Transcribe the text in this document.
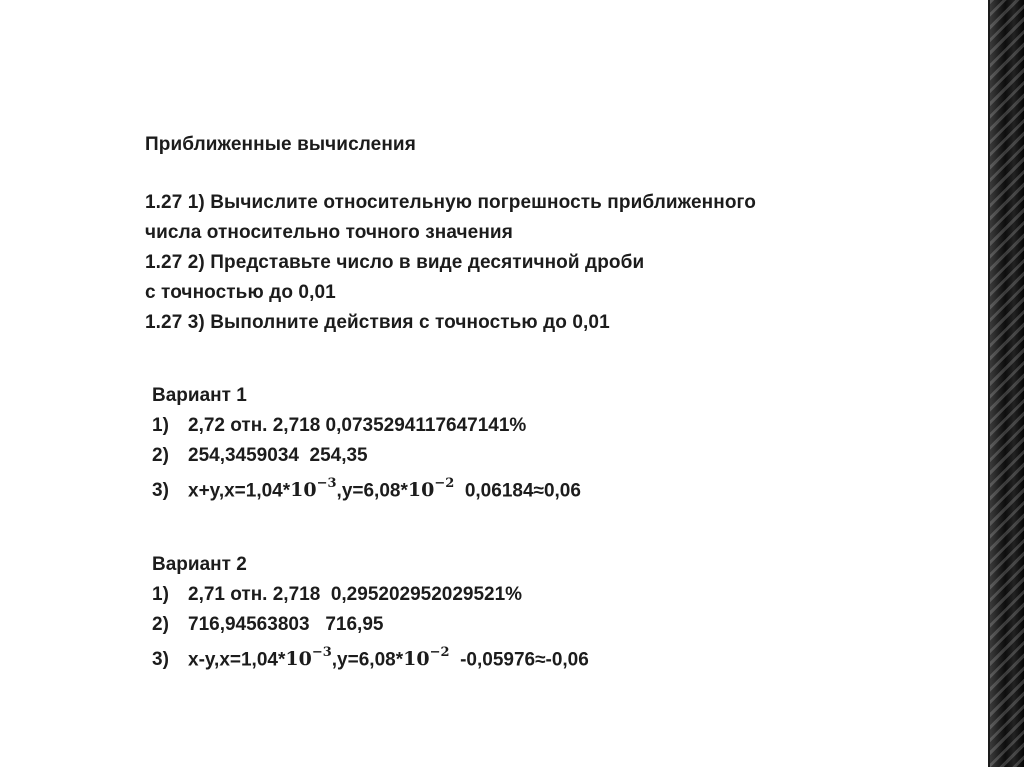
Приближенные вычисления
1.27 1) Вычислите относительную погрешность приближенного
числа относительно точного значения
1.27 2) Представьте число в виде десятичной дроби
с точностью до 0,01
1.27 3) Выполните действия с точностью до 0,01
Вариант 1
1) 2,72 отн. 2,718 0,0735294117647141%
2) 254,3459034  254,35
3) $x+y,x=1,04*10^{-3},y=6,08*10^{-2}$  0,06184≈0,06
Вариант 2
1) 2,71 отн. 2,718  0,295202952029521%
2) 716,94563803   716,95
3) $x-y,x=1,04*10^{-3},y=6,08*10^{-2}$  -0,05976≈-0,06
